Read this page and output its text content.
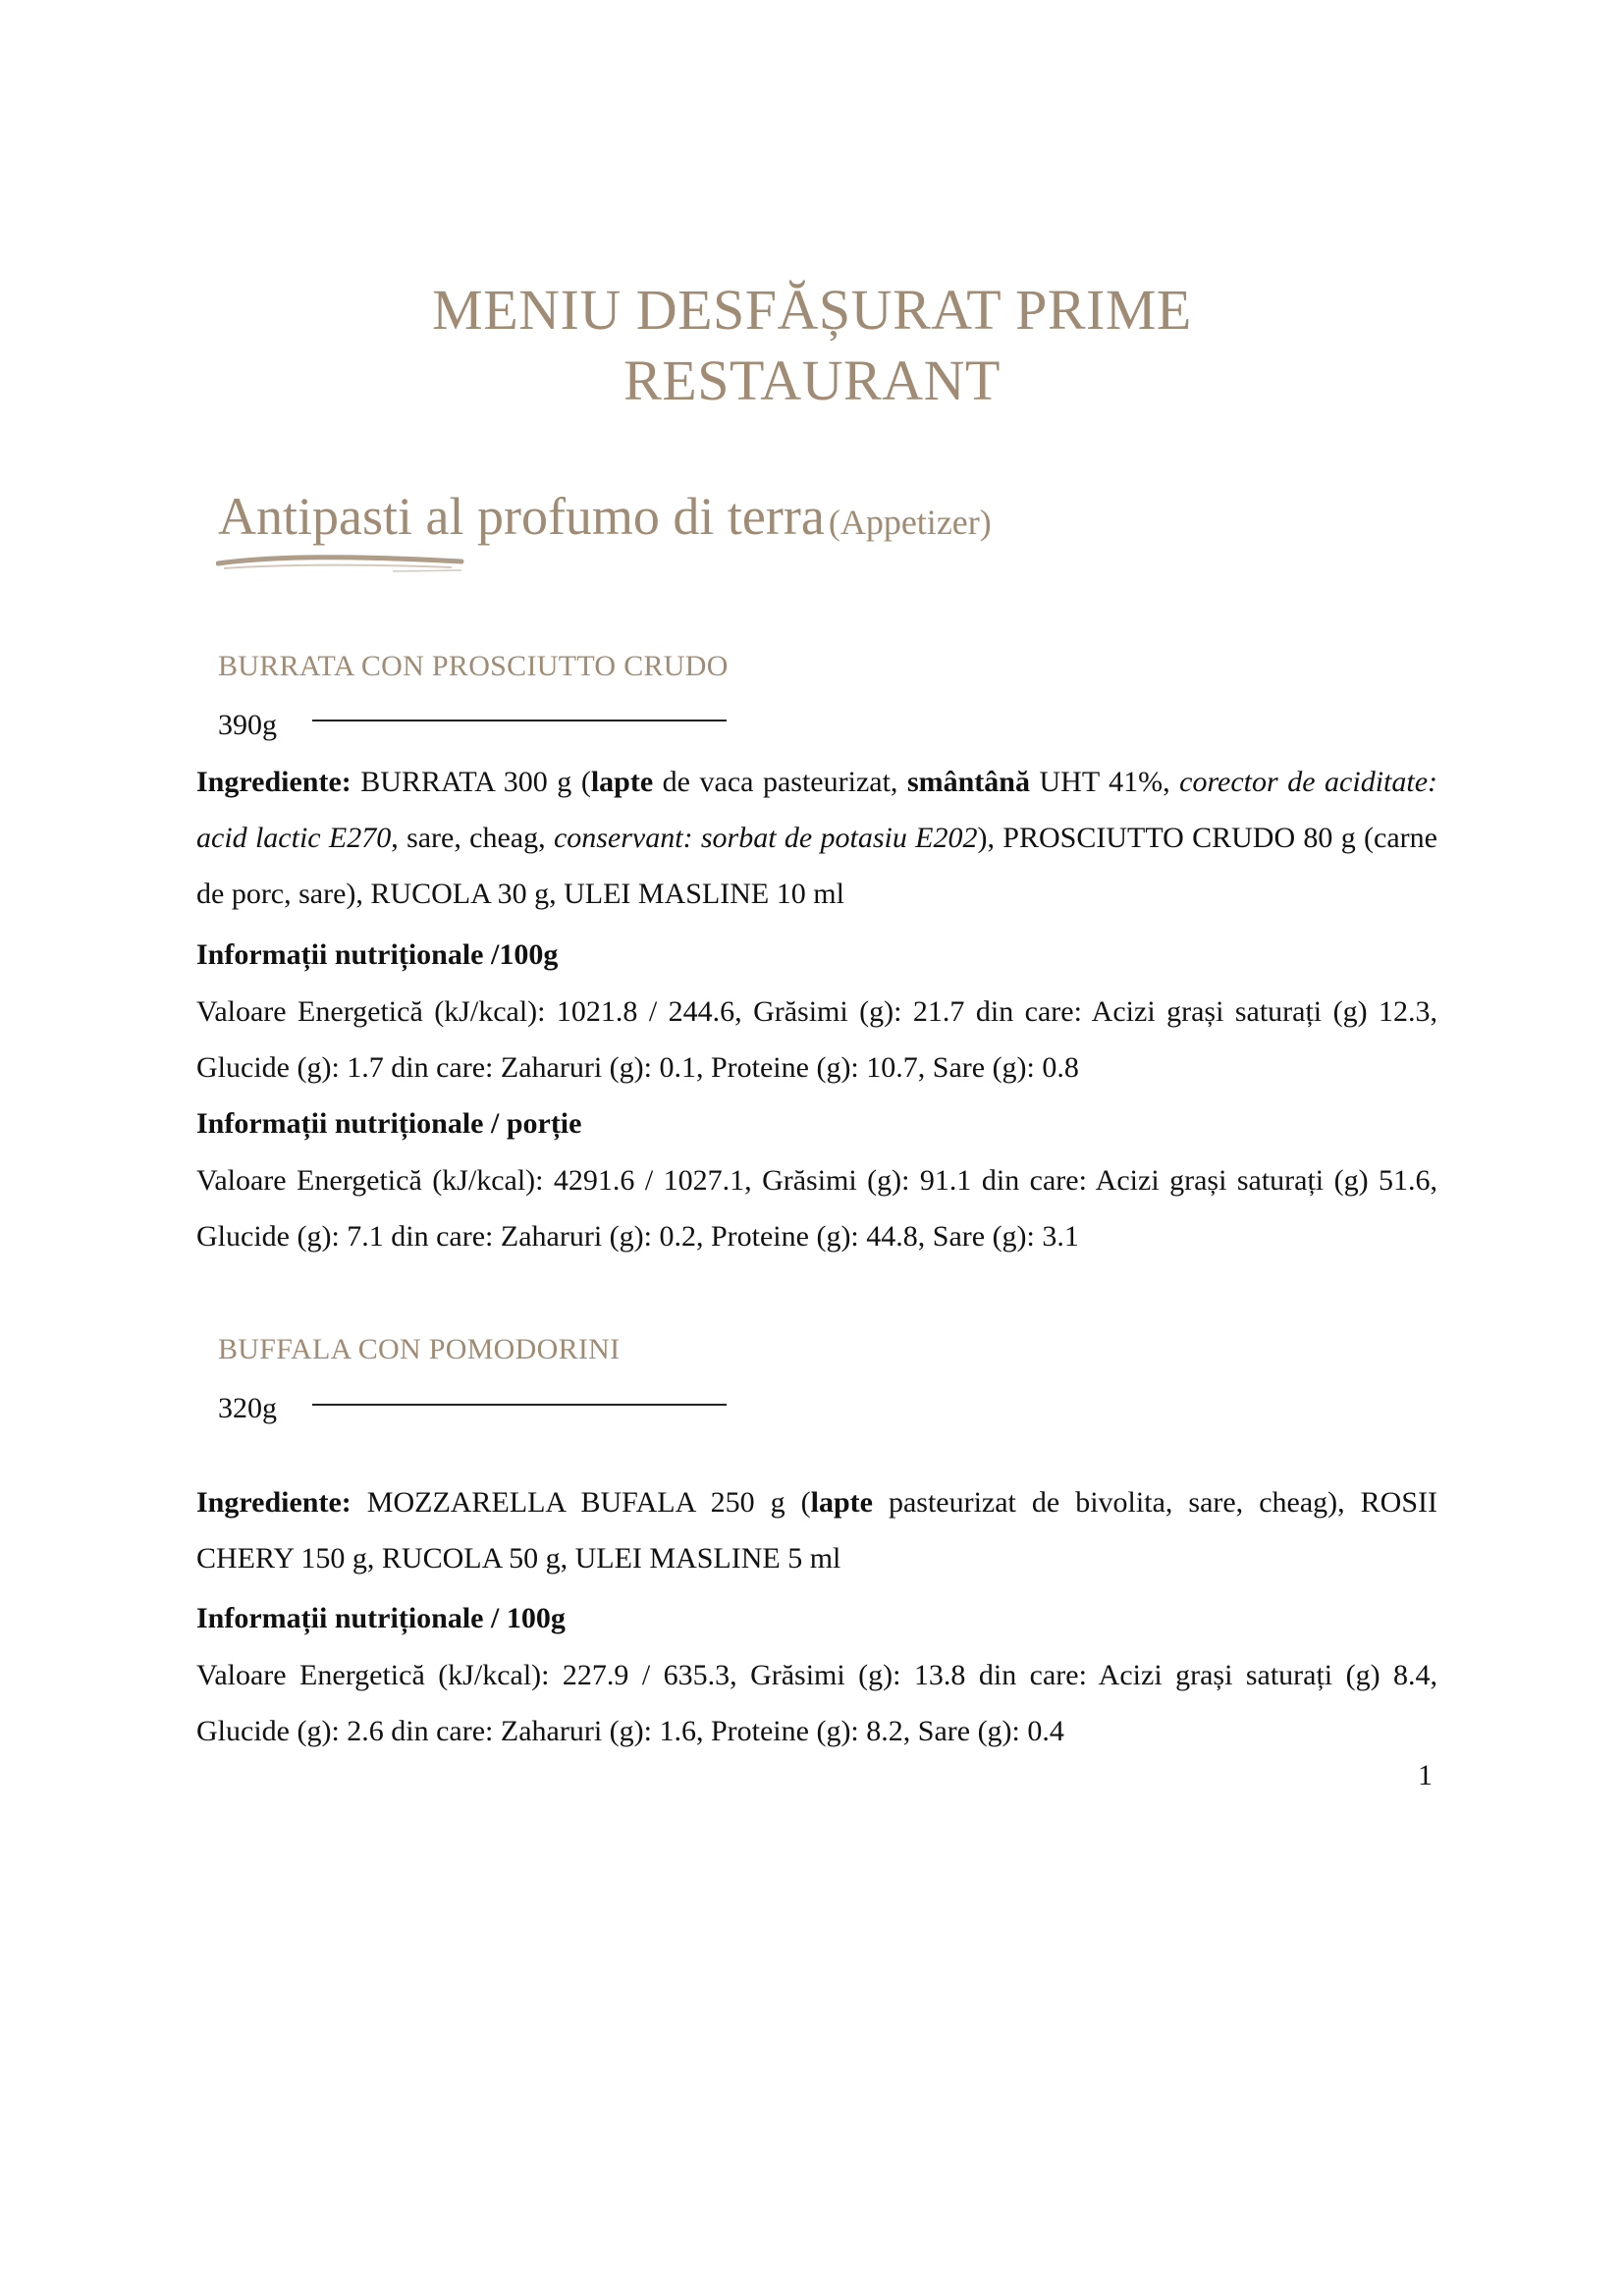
MENIU DESFĂȘURAT PRIME
RESTAURANT
Antipasti al profumo di terra (Appetizer)
BURRATA CON PROSCIUTTO CRUDO
390g
Ingrediente: BURRATA 300 g (lapte de vaca pasteurizat, smântână UHT 41%, corector de aciditate: acid lactic E270, sare, cheag, conservant: sorbat de potasiu E202), PROSCIUTTO CRUDO 80 g (carne de porc, sare), RUCOLA 30 g, ULEI MASLINE 10 ml
Informații nutriționale /100g
Valoare Energetică (kJ/kcal): 1021.8 / 244.6, Grăsimi (g): 21.7 din care: Acizi grași saturați (g) 12.3, Glucide (g): 1.7 din care: Zaharuri (g): 0.1, Proteine (g): 10.7, Sare (g): 0.8
Informații nutriționale / porție
Valoare Energetică (kJ/kcal): 4291.6 / 1027.1, Grăsimi (g): 91.1 din care: Acizi grași saturați (g) 51.6, Glucide (g): 7.1 din care: Zaharuri (g): 0.2, Proteine (g): 44.8, Sare (g): 3.1
BUFFALA CON POMODORINI
320g
Ingrediente: MOZZARELLA BUFALA 250 g (lapte pasteurizat de bivolita, sare, cheag), ROSII CHERY 150 g, RUCOLA 50 g, ULEI MASLINE 5 ml
Informații nutriționale / 100g
Valoare Energetică (kJ/kcal): 227.9 / 635.3, Grăsimi (g): 13.8 din care: Acizi grași saturați (g) 8.4, Glucide (g): 2.6 din care: Zaharuri (g): 1.6, Proteine (g): 8.2, Sare (g): 0.4
1
